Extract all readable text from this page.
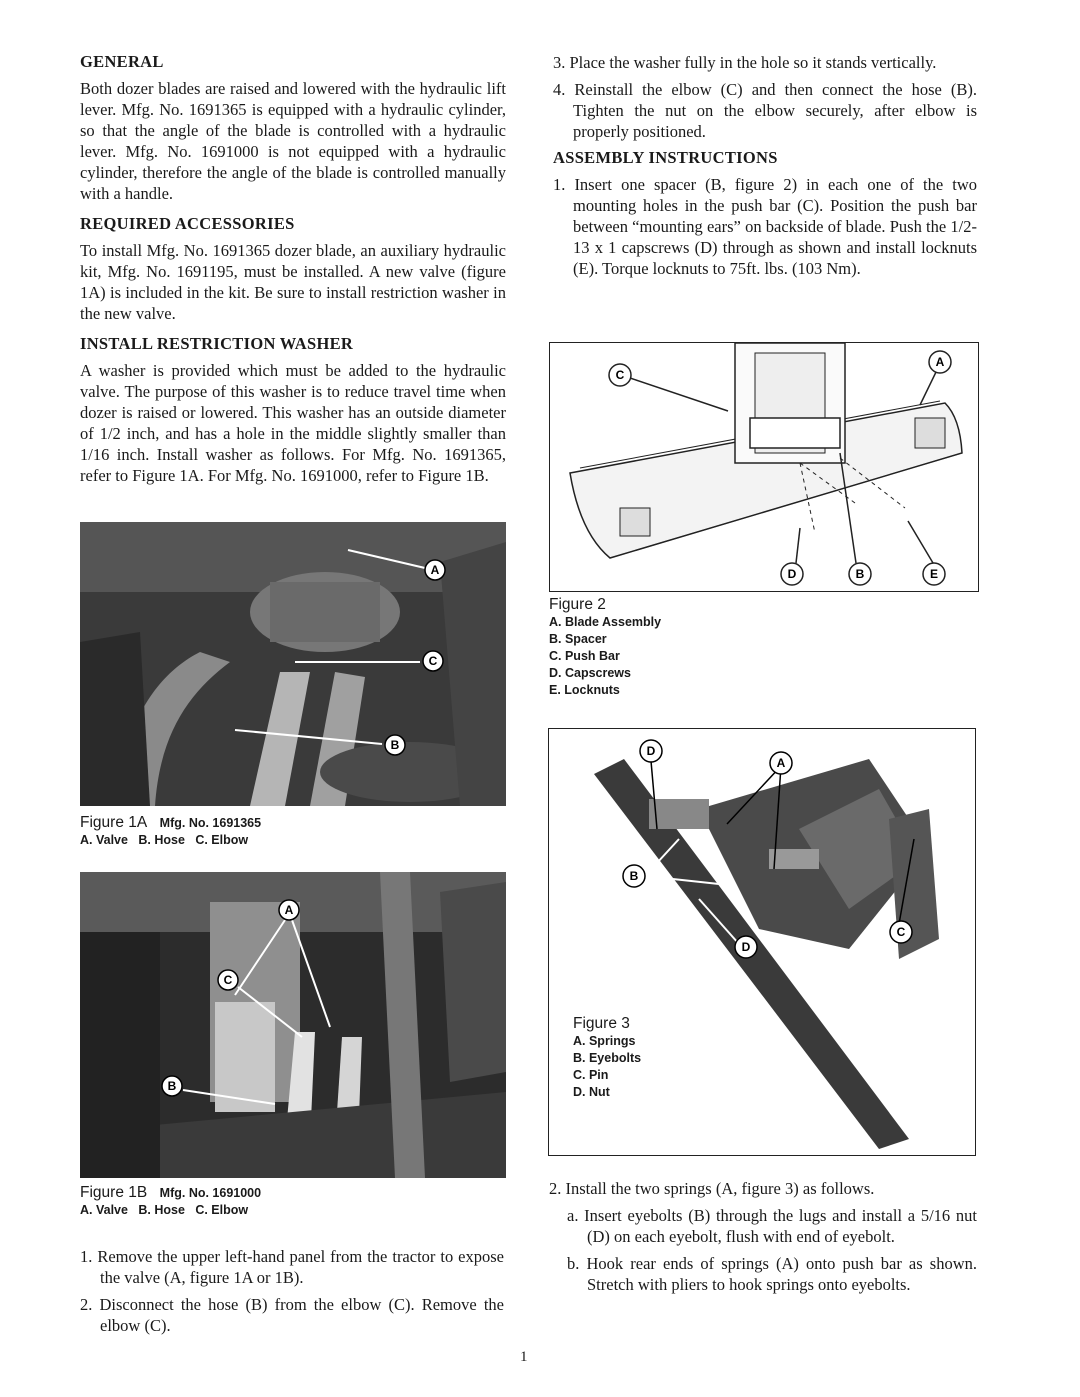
GENERAL
Both dozer blades are raised and lowered with the hydraulic lift lever. Mfg. No. 1691365 is equipped with a hydraulic cylinder, so that the angle of the blade is controlled with a hydraulic lever. Mfg. No. 1691000 is not equipped with a hydraulic cylinder, therefore the angle of the blade is controlled manually with a handle.
REQUIRED ACCESSORIES
To install Mfg. No. 1691365 dozer blade, an auxiliary hydraulic kit, Mfg. No. 1691195, must be installed. A new valve (figure 1A) is included in the kit. Be sure to install restriction washer in the new valve.
INSTALL RESTRICTION WASHER
A washer is provided which must be added to the hydraulic valve. The purpose of this washer is to reduce travel time when dozer is raised or lowered. This washer has an outside diameter of 1/2 inch, and has a hole in the middle slightly smaller than 1/16 inch. Install washer as follows. For Mfg. No. 1691365, refer to Figure 1A. For Mfg. No. 1691000, refer to Figure 1B.
A
C
B
Figure 1A Mfg. No. 1691365
A. Valve   B. Hose   C. Elbow
A
C
B
Figure 1B Mfg. No. 1691000
A. Valve   B. Hose   C. Elbow
1. Remove the upper left-hand panel from the tractor to expose the valve (A, figure 1A or 1B).
2. Disconnect the hose (B) from the elbow (C). Remove the elbow (C).
3. Place the washer fully in the hole so it stands vertically.
4. Reinstall the elbow (C) and then connect the hose (B). Tighten the nut on the elbow securely, after elbow is properly positioned.
ASSEMBLY INSTRUCTIONS
1. Insert one spacer (B, figure 2) in each one of the two mounting holes in the push bar (C). Position the push bar between “mounting ears” on backside of blade. Push the 1/2-13 x 1 capscrews (D) through as shown and install locknuts (E). Torque locknuts to 75ft. lbs. (103 Nm).
C
A
D	B	E
Figure 2
A. Blade Assembly
B. Spacer
C. Push Bar
D. Capscrews
E. Locknuts
D
A
B
D
C
Figure 3
A. Springs
B. Eyebolts
C. Pin
D. Nut
2. Install the two springs (A, figure 3) as follows.
a. Insert eyebolts (B) through the lugs and install a 5/16 nut (D) on each eyebolt, flush with end of eyebolt.
b. Hook rear ends of springs (A) onto push bar as shown. Stretch with pliers to hook springs onto eyebolts.
1
